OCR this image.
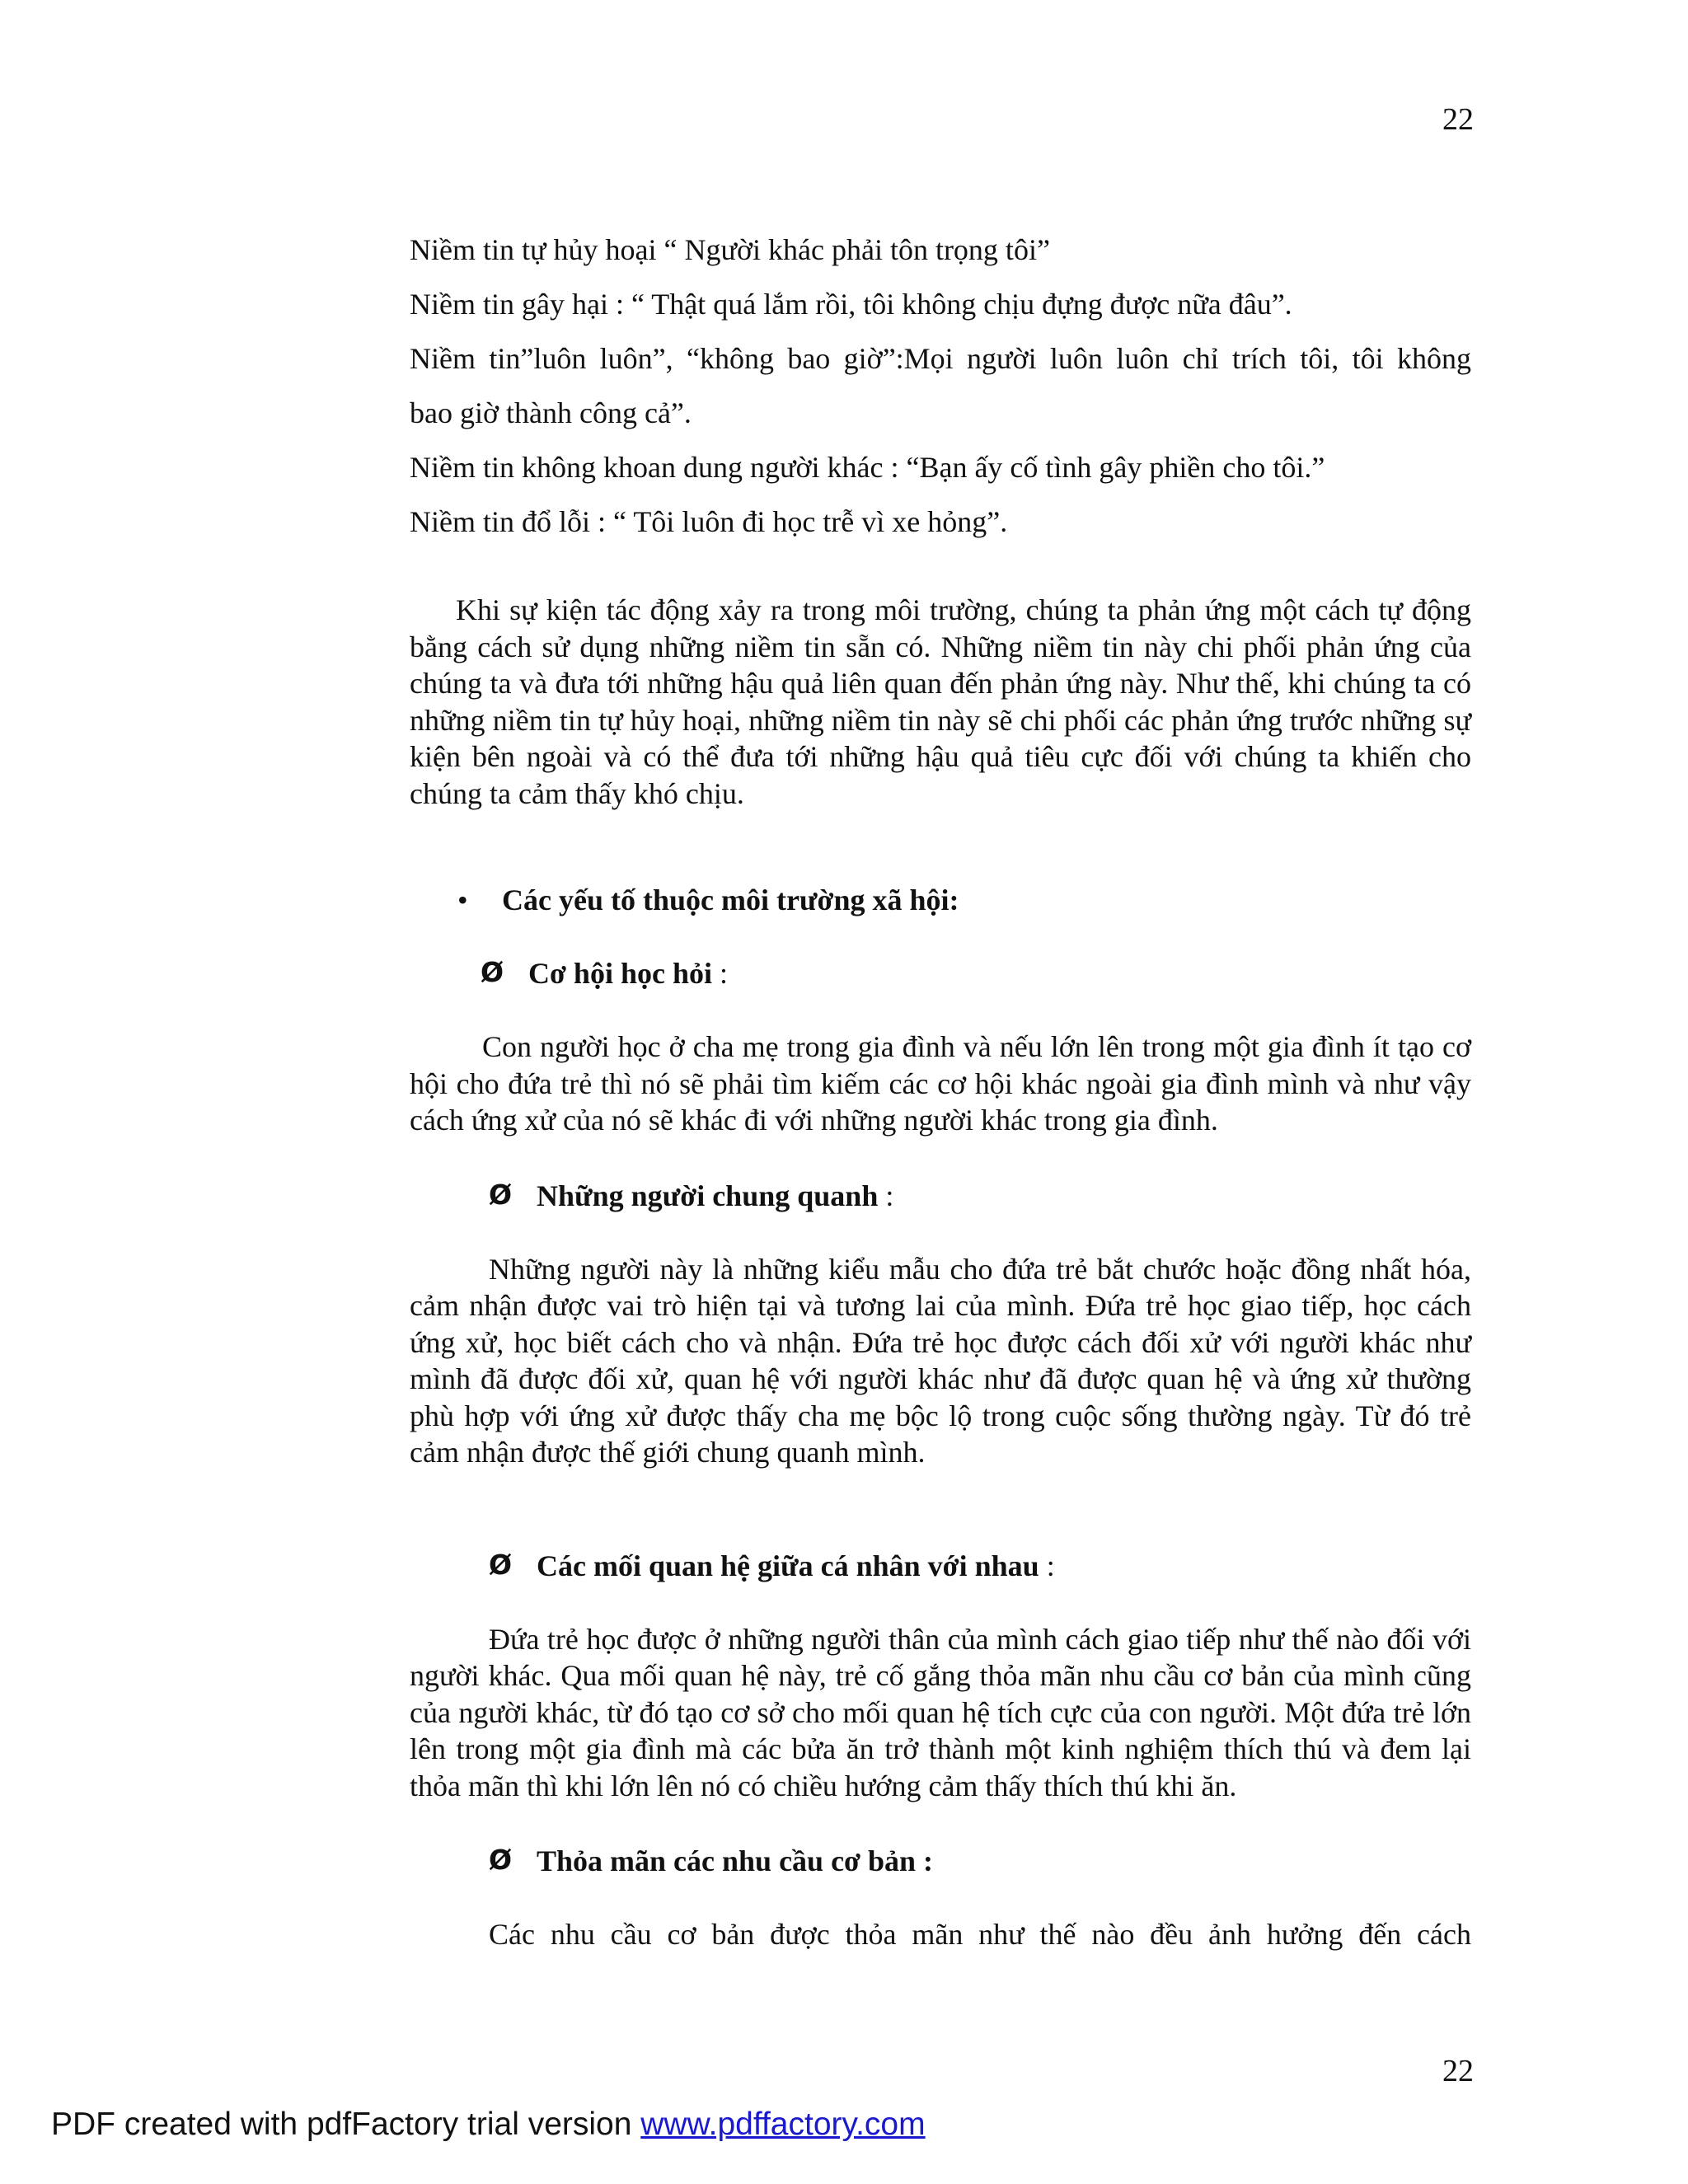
22

Niềm tin tự hủy hoại “ Người khác phải tôn trọng tôi”

Niềm tin gây hại : “ Thật quá lắm rồi, tôi không chịu đựng được nữa đâu”.

Niềm tin”luôn luôn”, “không bao giờ”:Mọi người luôn luôn chỉ trích tôi, tôi không

bao giờ thành công cả”.

Niềm tin không khoan dung người khác : “Bạn ấy cố tình gây phiền cho tôi.”

Niềm tin đổ lỗi : “ Tôi luôn đi học trễ vì xe hỏng”.

Khi sự kiện tác động xảy ra trong môi trường, chúng ta phản ứng một cách tự động bằng cách sử dụng những niềm tin sẵn có. Những niềm tin này chi phối phản ứng của chúng ta và đưa tới những hậu quả liên quan đến phản ứng này. Như thế, khi chúng ta có những niềm tin tự hủy hoại, những niềm tin này sẽ chi phối các phản ứng trước những sự kiện bên ngoài và có thể đưa tới những hậu quả tiêu cực đối với chúng ta khiến cho chúng ta cảm thấy khó chịu.

• Các yếu tố thuộc môi trường xã hội:
Ø Cơ hội học hỏi :

Con người học ở cha mẹ trong gia đình và nếu lớn lên trong một gia đình ít tạo cơ hội cho đứa trẻ thì nó sẽ phải tìm kiếm các cơ hội khác ngoài gia đình mình và như vậy cách ứng xử của nó sẽ khác đi với những người khác trong gia đình.

Ø Những người chung quanh :

Những người này là những kiểu mẫu cho đứa trẻ bắt chước hoặc đồng nhất hóa, cảm nhận được vai trò hiện tại và tương lai của mình. Đứa trẻ học giao tiếp, học cách ứng xử, học biết cách cho và nhận. Đứa trẻ học được cách đối xử với người khác như mình đã được đối xử, quan hệ với người khác như đã được quan hệ và ứng xử thường phù hợp với ứng xử được thấy cha mẹ bộc lộ trong cuộc sống thường ngày. Từ đó trẻ cảm nhận được thế giới chung quanh mình.

Ø Các mối quan hệ giữa cá nhân với nhau :

Đứa trẻ học được ở những người thân của mình cách giao tiếp như thế nào đối với người khác. Qua mối quan hệ này, trẻ cố gắng thỏa mãn nhu cầu cơ bản của mình cũng của người khác, từ đó tạo cơ sở cho mối quan hệ tích cực của con người. Một đứa trẻ lớn lên trong một gia đình mà các bửa ăn trở thành một kinh nghiệm thích thú và đem lại thỏa mãn thì khi lớn lên nó có chiều hướng cảm thấy thích thú khi ăn.

Ø Thỏa mãn các nhu cầu cơ bản :

Các nhu cầu cơ bản được thỏa mãn như thế nào đều ảnh hưởng đến cách

22
PDF created with pdfFactory trial version www.pdffactory.com
